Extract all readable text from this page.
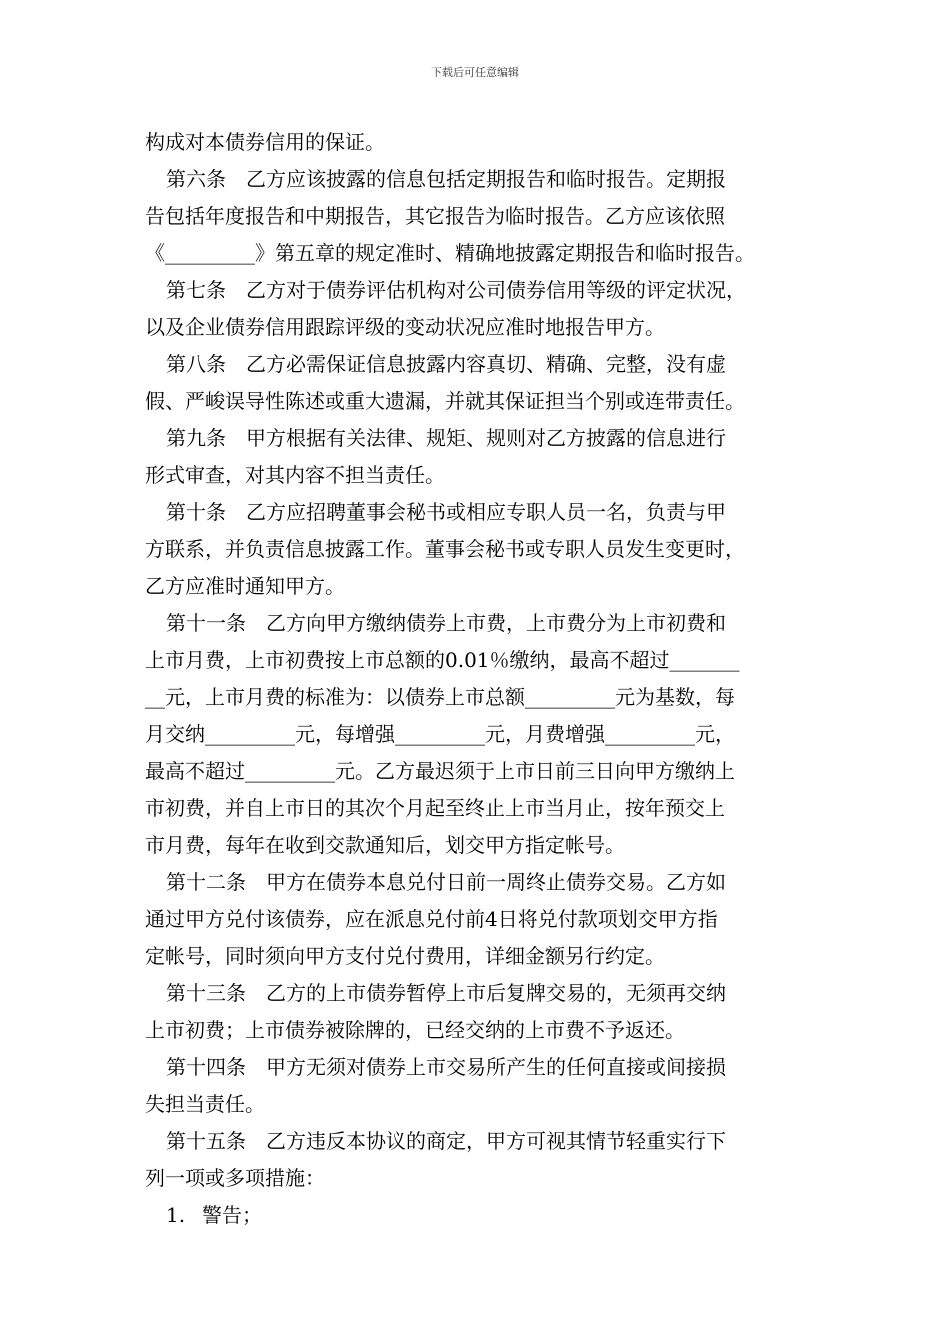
下载后可任意编辑
构成对本债券信用的保证。
第六条　乙方应该披露的信息包括定期报告和临时报告。定期报
告包括年度报告和中期报告，其它报告为临时报告。乙方应该依照
《_________》第五章的规定准时、精确地披露定期报告和临时报告。
第七条　乙方对于债券评估机构对公司债券信用等级的评定状况，
以及企业债券信用跟踪评级的变动状况应准时地报告甲方。
第八条　乙方必需保证信息披露内容真切、精确、完整，没有虚
假、严峻误导性陈述或重大遗漏，并就其保证担当个别或连带责任。
第九条　甲方根据有关法律、规矩、规则对乙方披露的信息进行
形式审查，对其内容不担当责任。
第十条　乙方应招聘董事会秘书或相应专职人员一名，负责与甲
方联系，并负责信息披露工作。董事会秘书或专职人员发生变更时，
乙方应准时通知甲方。
第十一条　乙方向甲方缴纳债券上市费，上市费分为上市初费和
上市月费，上市初费按上市总额的0.01％缴纳，最高不超过_______
__元，上市月费的标准为：以债券上市总额_________元为基数，每
月交纳_________元，每增强_________元，月费增强_________元，
最高不超过_________元。乙方最迟须于上市日前三日向甲方缴纳上
市初费，并自上市日的其次个月起至终止上市当月止，按年预交上
市月费，每年在收到交款通知后，划交甲方指定帐号。
第十二条　甲方在债券本息兑付日前一周终止债券交易。乙方如
通过甲方兑付该债券，应在派息兑付前4日将兑付款项划交甲方指
定帐号，同时须向甲方支付兑付费用，详细金额另行约定。
第十三条　乙方的上市债券暂停上市后复牌交易的，无须再交纳
上市初费；上市债券被除牌的，已经交纳的上市费不予返还。
第十四条　甲方无须对债券上市交易所产生的任何直接或间接损
失担当责任。
第十五条　乙方违反本协议的商定，甲方可视其情节轻重实行下
列一项或多项措施：
1. 警告；
